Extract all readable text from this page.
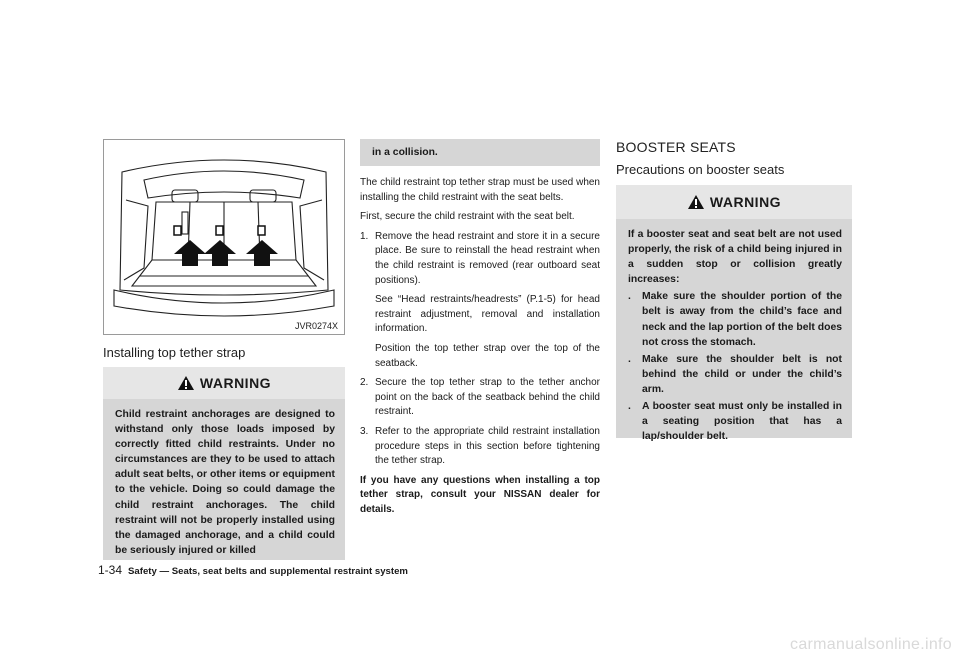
JVR0274X
Installing top tether strap
WARNING

Child restraint anchorages are designed to withstand only those loads imposed by correctly fitted child restraints. Under no circumstances are they to be used to attach adult seat belts, or other items or equipment to the vehicle. Doing so could damage the child restraint anchorages. The child restraint will not be properly installed using the damaged anchorage, and a child could be seriously injured or killed

in a collision.

The child restraint top tether strap must be used when installing the child restraint with the seat belts.

First, secure the child restraint with the seat belt.

1. Remove the head restraint and store it in a secure place. Be sure to reinstall the head restraint when the child restraint is removed (rear outboard seat positions).

See “Head restraints/headrests” (P.1-5) for head restraint adjustment, removal and installation information.

Position the top tether strap over the top of the seatback.

2. Secure the top tether strap to the tether anchor point on the back of the seatback behind the child restraint.

3. Refer to the appropriate child restraint installation procedure steps in this section before tightening the tether strap.

If you have any questions when installing a top tether strap, consult your NISSAN dealer for details.

BOOSTER SEATS
Precautions on booster seats
WARNING

If a booster seat and seat belt are not used properly, the risk of a child being injured in a sudden stop or collision greatly increases:

.	Make sure the shoulder portion of the belt is away from the child’s face and neck and the lap portion of the belt does not cross the stomach.
.	Make sure the shoulder belt is not behind the child or under the child’s arm.
.	A booster seat must only be installed in a seating position that has a lap/shoulder belt.
1-34 Safety — Seats, seat belts and supplemental restraint system
carmanualsonline.info
